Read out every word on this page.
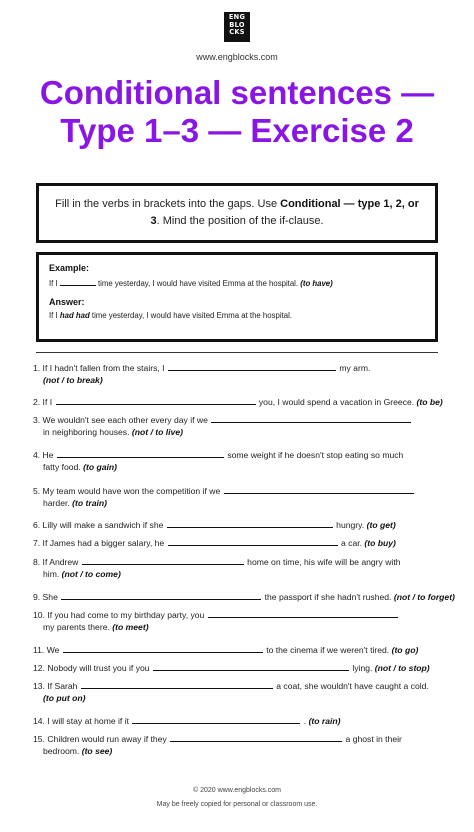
ENG
BLO
CKS
www.engblocks.com
Conditional sentences —
Type 1–3 — Exercise 2
Fill in the verbs in brackets into the gaps. Use Conditional — type 1, 2, or 3. Mind the position of the if-clause.
Example:
If I	time yesterday, I would have visited Emma at the hospital. (to have)
Answer:
If I had had time yesterday, I would have visited Emma at the hospital.
1. If I hadn't fallen from the stairs, I	my arm.
(not / to break)
2. If I	you, I would spend a vacation in Greece. (to be)
3. We wouldn't see each other every day if we
in neighboring houses. (not / to live)
4. He	some weight if he doesn't stop eating so much
fatty food. (to gain)
5. My team would have won the competition if we
harder. (to train)
6. Lilly will make a sandwich if she	hungry. (to get)
7. If James had a bigger salary, he	a car. (to buy)
8. If Andrew	home on time, his wife will be angry with
him. (not / to come)
9. She	the passport if she hadn't rushed. (not / to forget)
10. If you had come to my birthday party, you
my parents there. (to meet)
11. We	to the cinema if we weren't tired. (to go)
12. Nobody will trust you if you	lying. (not / to stop)
13. If Sarah	a coat, she wouldn't have caught a cold.
(to put on)
14. I will stay at home if it	. (to rain)
15. Children would run away if they	a ghost in their
bedroom. (to see)
© 2020 www.engblocks.com
May be freely copied for personal or classroom use.
